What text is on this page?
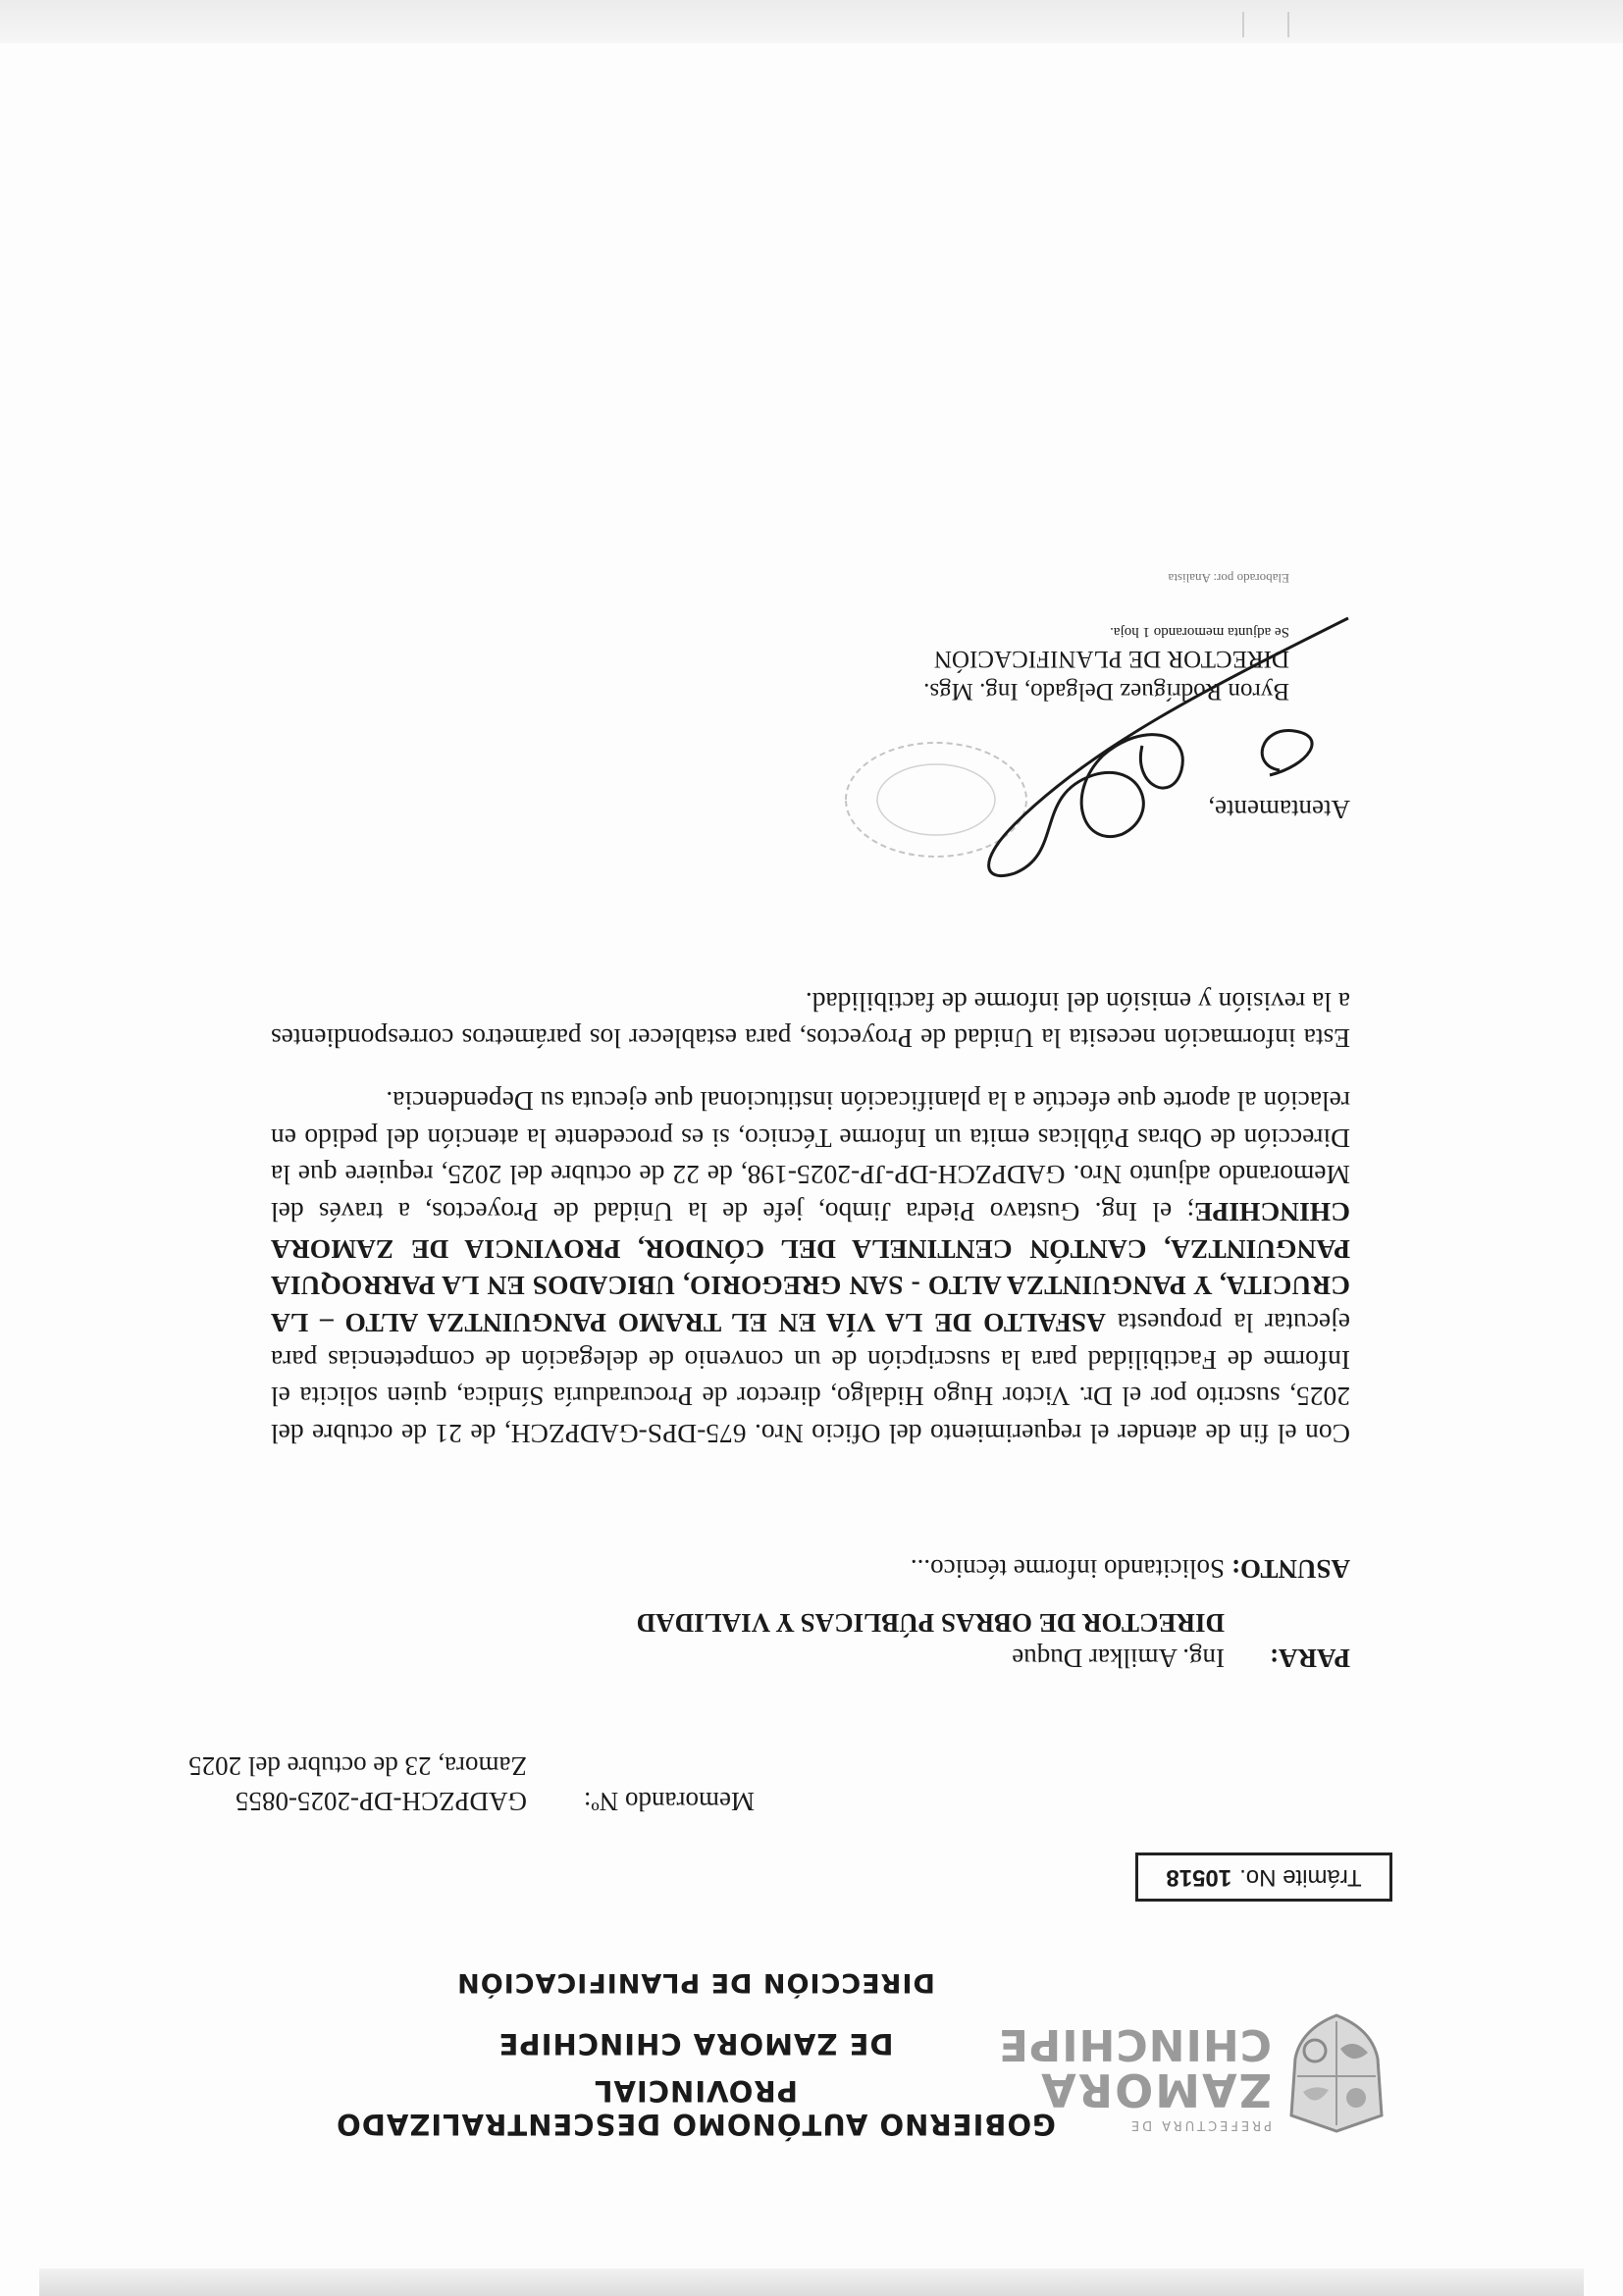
PREFECTURA DE
ZAMORA
CHINCHIPE
GOBIERNO AUTÓNOMO DESCENTRALIZADO PROVINCIAL
DE ZAMORA CHINCHIPE
DIRECCIÓN DE PLANIFICACIÓN
Trámite No.
10518
Memorando Nº:GADPZCH-DP-2025-0855
Zamora, 23 de octubre del 2025
PARA:
Ing. Amilkar Duque
DIRECTOR DE OBRAS PÚBLICAS Y VIALIDAD
ASUNTO:
Solicitando informe técnico...

Con el fin de atender el requerimiento del Oficio Nro. 675-DPS-GADPZCH, de 21 de octubre del 2025, suscrito por el Dr. Victor Hugo Hidalgo, director de Procuraduría Síndica, quien solicita el Informe de Factibilidad para la suscripción de un convenio de delegación de competencias para ejecutar la propuesta ASFALTO DE LA VÍA EN EL TRAMO PANGUINTZA ALTO – LA CRUCITA, Y PANGUINTZA ALTO - SAN GREGORIO, UBICADOS EN LA PARROQUIA PANGUINTZA, CANTÓN CENTINELA DEL CÓNDOR, PROVINCIA DE ZAMORA CHINCHIPE; el Ing. Gustavo Piedra Jimbo, jefe de la Unidad de Proyectos, a través del Memorando adjunto Nro. GADPZCH-DP-JP-2025-198, de 22 de octubre del 2025, requiere que la Dirección de Obras Públicas emita un Informe Técnico, si es procedente la atención del pedido en relación al aporte que efectúe a la planificación institucional que ejecuta su Dependencia.

Esta información necesita la Unidad de Proyectos, para establecer los parámetros correspondientes a la revisión y emisión del informe de factibilidad.

Atentamente,
Byron Rodríguez Delgado, Ing. Mgs.
DIRECTOR DE PLANIFICACIÓN
Se adjunta memorando 1 hoja.
Elaborado por: Analista
